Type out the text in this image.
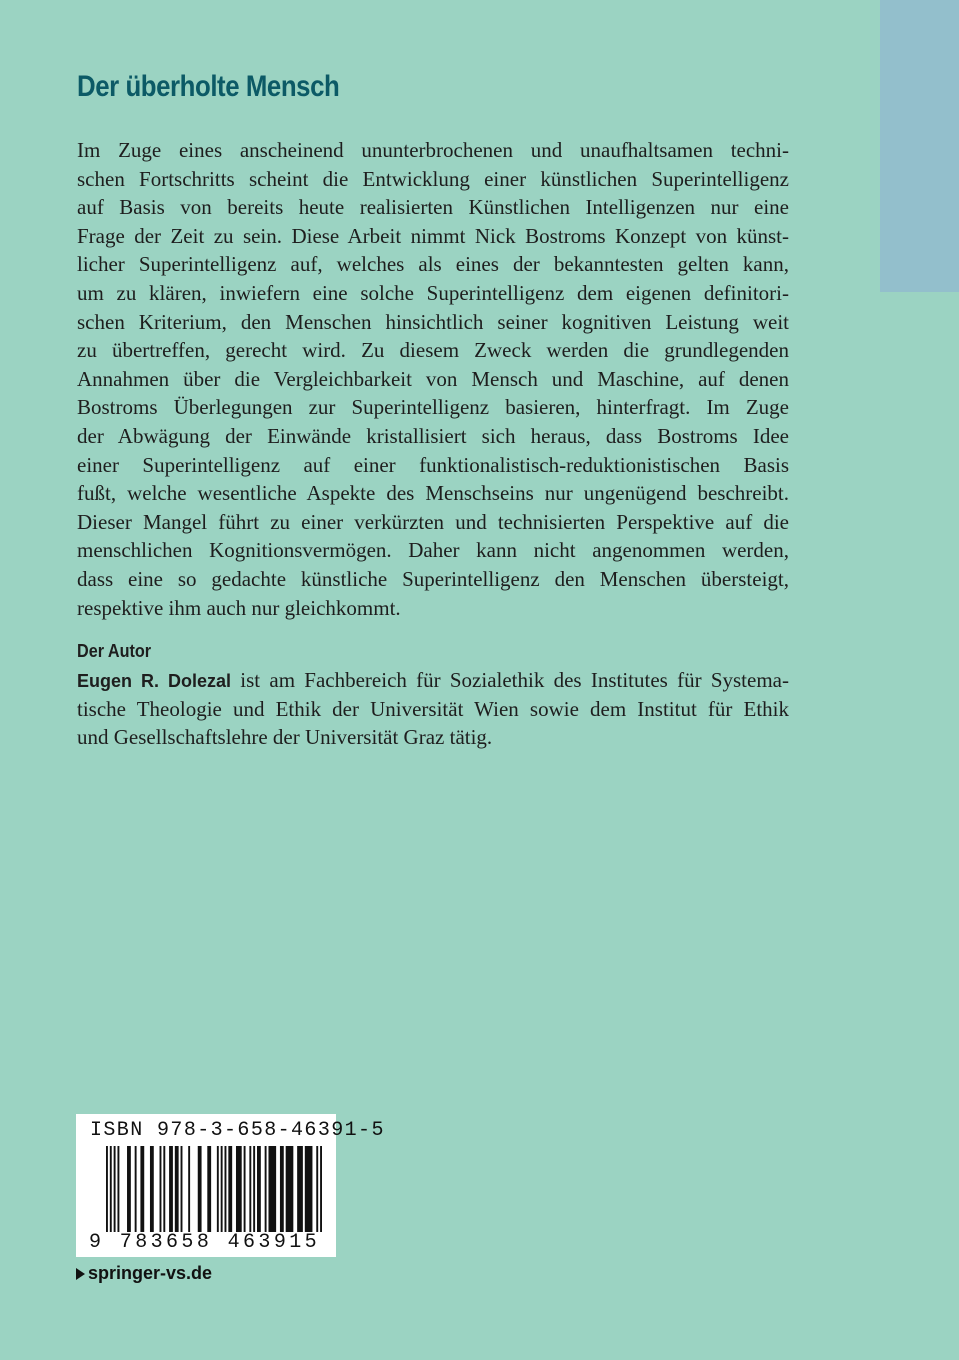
Der überholte Mensch
Im Zuge eines anscheinend ununterbrochenen und unaufhaltsamen techni-
schen Fortschritts scheint die Entwicklung einer künstlichen Superintelligenz
auf Basis von bereits heute realisierten Künstlichen Intelligenzen nur eine
Frage der Zeit zu sein. Diese Arbeit nimmt Nick Bostroms Konzept von künst-
licher Superintelligenz auf, welches als eines der bekanntesten gelten kann,
um zu klären, inwiefern eine solche Superintelligenz dem eigenen definitori-
schen Kriterium, den Menschen hinsichtlich seiner kognitiven Leistung weit
zu übertreffen, gerecht wird. Zu diesem Zweck werden die grundlegenden
Annahmen über die Vergleichbarkeit von Mensch und Maschine, auf denen
Bostroms Überlegungen zur Superintelligenz basieren, hinterfragt. Im Zuge
der Abwägung der Einwände kristallisiert sich heraus, dass Bostroms Idee
einer Superintelligenz auf einer funktionalistisch-reduktionistischen Basis
fußt, welche wesentliche Aspekte des Menschseins nur ungenügend beschreibt.
Dieser Mangel führt zu einer verkürzten und technisierten Perspektive auf die
menschlichen Kognitionsvermögen. Daher kann nicht angenommen werden,
dass eine so gedachte künstliche Superintelligenz den Menschen übersteigt,
respektive ihm auch nur gleichkommt.
Der Autor
Eugen R. Dolezal ist am Fachbereich für Sozialethik des Institutes für Systema-
tische Theologie und Ethik der Universität Wien sowie dem Institut für Ethik
und Gesellschaftslehre der Universität Graz tätig.
ISBN 978-3-658-46391-5
9 783658 463915
springer-vs.de
